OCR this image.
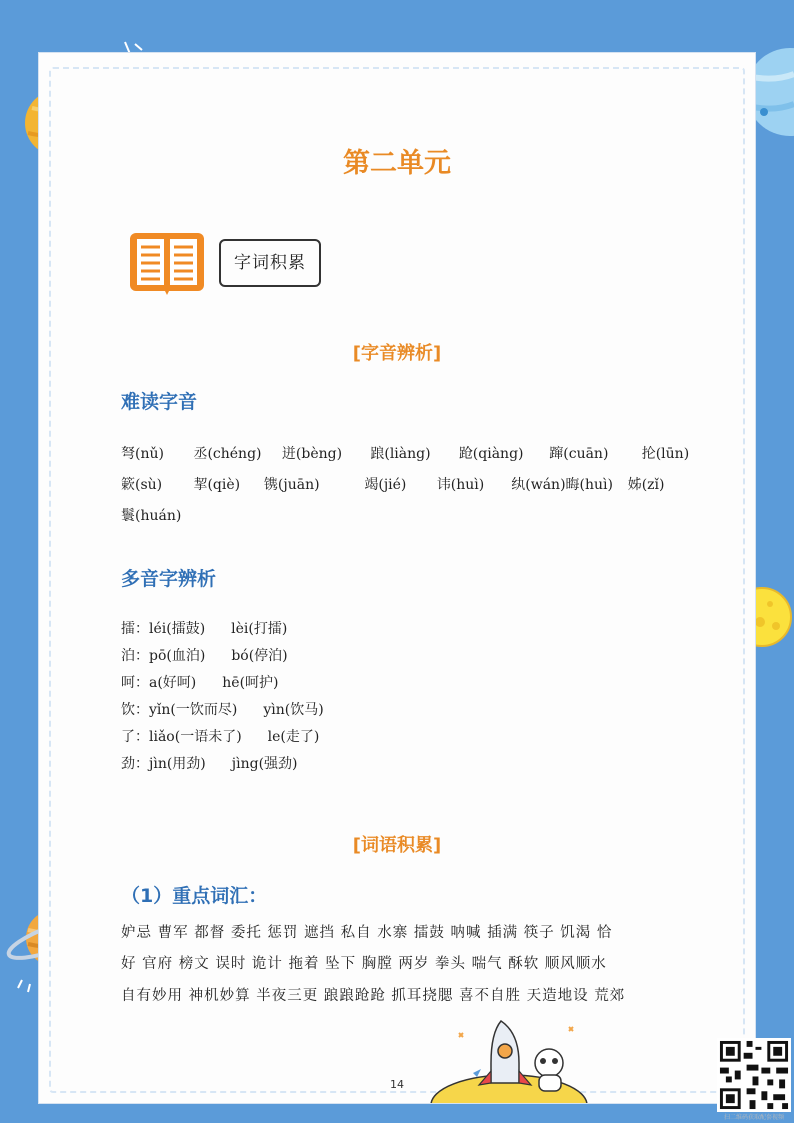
第二单元
字词积累
[字音辨析]
难读字音
弩(nǔ) 丞(chéng) 迸(bèng) 踉(liàng) 跄(qiàng) 蹿(cuān) 抡(lūn)
簌(sù) 挈(qiè) 镌(juān)	竭(jié) 讳(huì) 纨(wán)晦(huì) 姊(zǐ)
鬟(huán)
多音字辨析
擂：léi(擂鼓) lèi(打擂)
泊：pō(血泊) bó(停泊)
呵：a(好呵) hē(呵护)
饮：yǐn(一饮而尽) yìn(饮马)
了：liǎo(一语未了) le(走了)
劲：jìn(用劲) jìng(强劲)
[词语积累]
（1）重点词汇：
妒忌 曹军 都督 委托 惩罚 遮挡 私自 水寨 擂鼓 呐喊 插满 筷子 饥渴 恰
好 官府 榜文 误时 诡计 拖着 坠下 胸膛 两岁 拳头 喘气 酥软 顺风顺水
自有妙用 神机妙算 半夜三更 踉踉跄跄 抓耳挠腮 喜不自胜 天造地设 荒郊
14
扫二维码获取配套视频
